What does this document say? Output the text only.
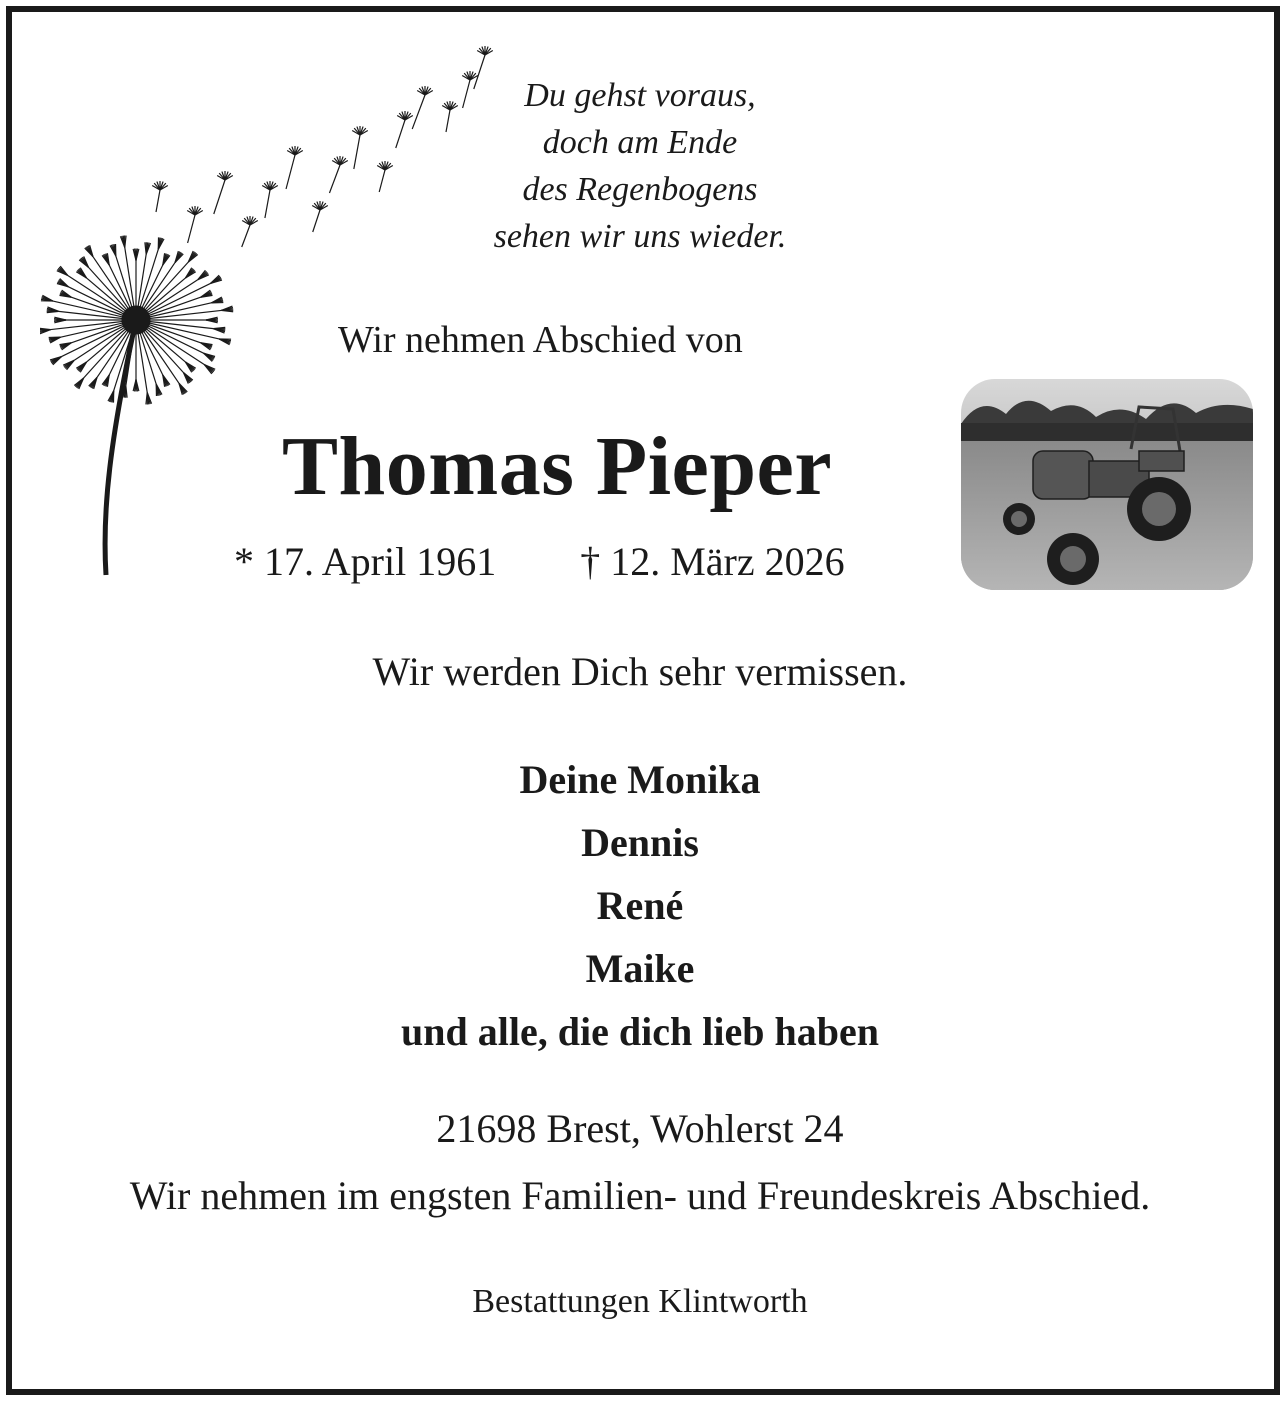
Du gehst voraus,
doch am Ende
des Regenbogens
sehen wir uns wieder.
Wir nehmen Abschied von
Thomas Pieper
* 17. April 1961 † 12. März 2026
Wir werden Dich sehr vermissen.
Deine Monika
Dennis
René
Maike
und alle, die dich lieb haben
21698 Brest, Wohlerst 24
Wir nehmen im engsten Familien- und Freundeskreis Abschied.
Bestattungen Klintworth
